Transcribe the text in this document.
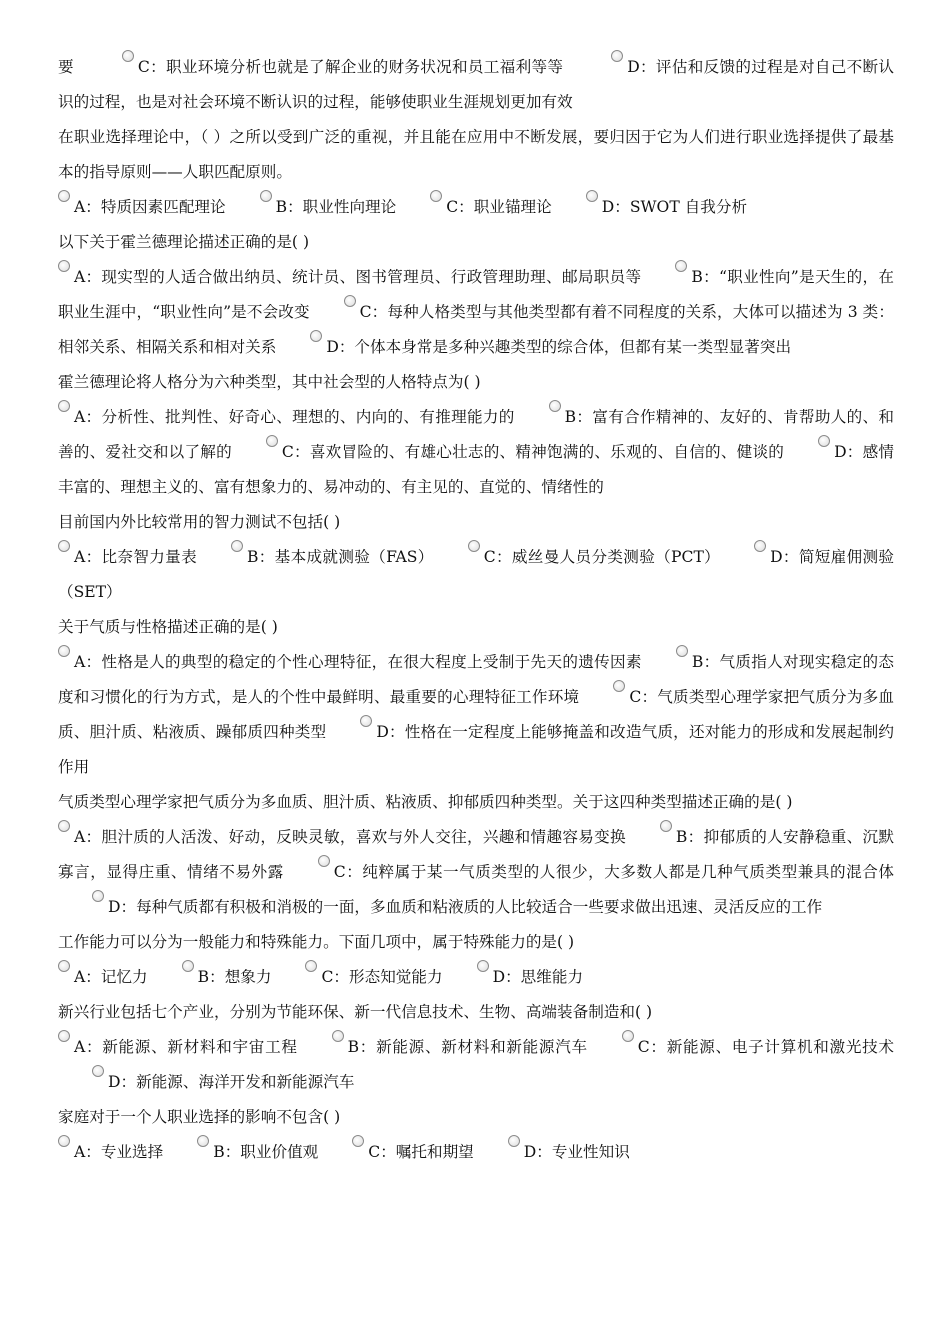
要	C：职业环境分析也就是了解企业的财务状况和员工福利等等	D：评估和反馈的过程是对自己不断认识的过程，也是对社会环境不断认识的过程，能够使职业生涯规划更加有效
在职业选择理论中，（ ）之所以受到广泛的重视，并且能在应用中不断发展，要归因于它为人们进行职业选择提供了最基本的指导原则——人职匹配原则。
A：特质因素匹配理论	B：职业性向理论	C：职业锚理论	D：SWOT 自我分析
以下关于霍兰德理论描述正确的是( )
A：现实型的人适合做出纳员、统计员、图书管理员、行政管理助理、邮局职员等	B：“职业性向”是天生的，在职业生涯中，“职业性向”是不会改变	C：每种人格类型与其他类型都有着不同程度的关系，大体可以描述为 3 类：相邻关系、相隔关系和相对关系	D：个体本身常是多种兴趣类型的综合体，但都有某一类型显著突出
霍兰德理论将人格分为六种类型，其中社会型的人格特点为( )
A：分析性、批判性、好奇心、理想的、内向的、有推理能力的	B：富有合作精神的、友好的、肯帮助人的、和善的、爱社交和以了解的	C：喜欢冒险的、有雄心壮志的、精神饱满的、乐观的、自信的、健谈的	D：感情丰富的、理想主义的、富有想象力的、易冲动的、有主见的、直觉的、情绪性的
目前国内外比较常用的智力测试不包括( )
A：比奈智力量表	B：基本成就测验（FAS）	C：威丝曼人员分类测验（PCT）	D：简短雇佣测验（SET）
关于气质与性格描述正确的是( )
A：性格是人的典型的稳定的个性心理特征，在很大程度上受制于先天的遗传因素	B：气质指人对现实稳定的态度和习惯化的行为方式，是人的个性中最鲜明、最重要的心理特征工作环境	C：气质类型心理学家把气质分为多血质、胆汁质、粘液质、躁郁质四种类型	D：性格在一定程度上能够掩盖和改造气质，还对能力的形成和发展起制约作用
气质类型心理学家把气质分为多血质、胆汁质、粘液质、抑郁质四种类型。关于这四种类型描述正确的是( )
A：胆汁质的人活泼、好动，反映灵敏，喜欢与外人交往，兴趣和情趣容易变换	B：抑郁质的人安静稳重、沉默寡言，显得庄重、情绪不易外露	C：纯粹属于某一气质类型的人很少，大多数人都是几种气质类型兼具的混合体D：每种气质都有积极和消极的一面，多血质和粘液质的人比较适合一些要求做出迅速、灵活反应的工作
工作能力可以分为一般能力和特殊能力。下面几项中，属于特殊能力的是( )
A：记忆力	B：想象力	C：形态知觉能力	D：思维能力
新兴行业包括七个产业，分别为节能环保、新一代信息技术、生物、高端装备制造和( )
A：新能源、新材料和宇宙工程	B：新能源、新材料和新能源汽车	C：新能源、电子计算机和激光技术D：新能源、海洋开发和新能源汽车
家庭对于一个人职业选择的影响不包含( )
A：专业选择	B：职业价值观	C：嘱托和期望	D：专业性知识
